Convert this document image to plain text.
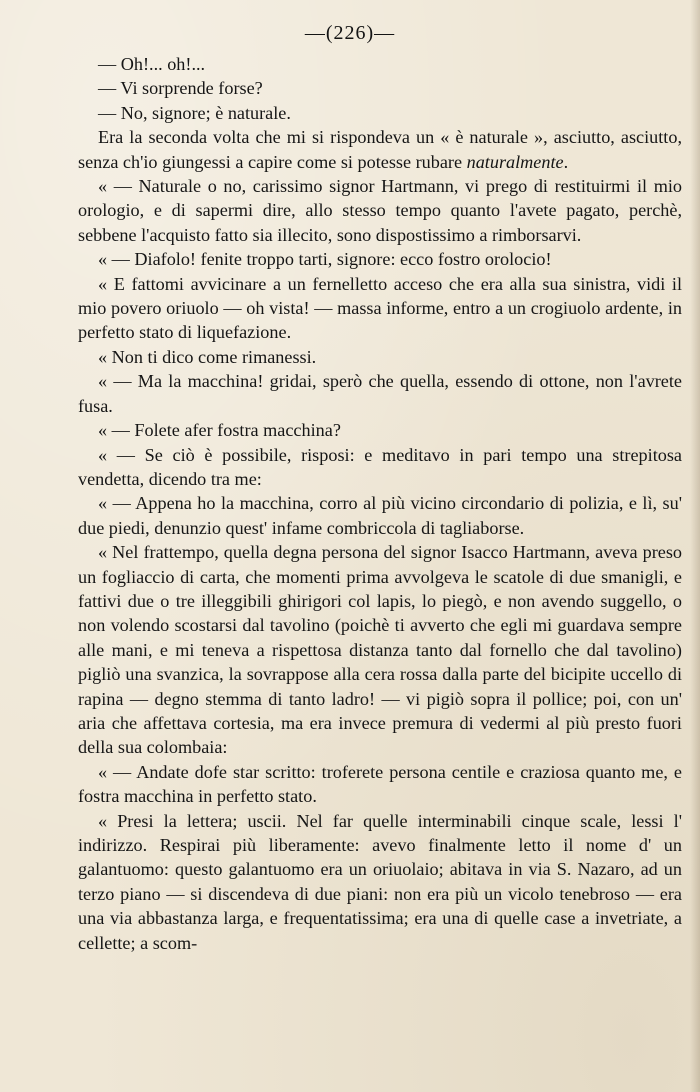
—(226)—

— Oh!... oh!...

— Vi sorprende forse?

— No, signore; è naturale.

Era la seconda volta che mi si rispondeva un « è naturale », asciutto, asciutto, senza ch'io giungessi a capire come si potesse rubare naturalmente.

« — Naturale o no, carissimo signor Hartmann, vi prego di restituirmi il mio orologio, e di sapermi dire, allo stesso tempo quanto l'avete pagato, perchè, sebbene l'acquisto fatto sia illecito, sono dispostissimo a rimborsarvi.

« — Diafolo! fenite troppo tarti, signore: ecco fostro orolocio!

« E fattomi avvicinare a un fernelletto acceso che era alla sua sinistra, vidi il mio povero oriuolo — oh vista! — massa informe, entro a un crogiuolo ardente, in perfetto stato di liquefazione.

« Non ti dico come rimanessi.

« — Ma la macchina! gridai, sperò che quella, essendo di ottone, non l'avrete fusa.

« — Folete afer fostra macchina?

« — Se ciò è possibile, risposi: e meditavo in pari tempo una strepitosa vendetta, dicendo tra me:

« — Appena ho la macchina, corro al più vicino circondario di polizia, e lì, su' due piedi, denunzio quest' infame combriccola di tagliaborse.

« Nel frattempo, quella degna persona del signor Isacco Hartmann, aveva preso un fogliaccio di carta, che momenti prima avvolgeva le scatole di due smanigli, e fattivi due o tre illeggibili ghirigori col lapis, lo piegò, e non avendo suggello, o non volendo scostarsi dal tavolino (poichè ti avverto che egli mi guardava sempre alle mani, e mi teneva a rispettosa distanza tanto dal fornello che dal tavolino) pigliò una svanzica, la sovrappose alla cera rossa dalla parte del bicipite uccello di rapina — degno stemma di tanto ladro! — vi pigiò sopra il pollice; poi, con un' aria che affettava cortesia, ma era invece premura di vedermi al più presto fuori della sua colombaia:

« — Andate dofe star scritto: troferete persona centile e craziosa quanto me, e fostra macchina in perfetto stato.

« Presi la lettera; uscii. Nel far quelle interminabili cinque scale, lessi l' indirizzo. Respirai più liberamente: avevo finalmente letto il nome d' un galantuomo: questo galantuomo era un oriuolaio; abitava in via S. Nazaro, ad un terzo piano — si discendeva di due piani: non era più un vicolo tenebroso — era una via abbastanza larga, e frequentatissima; era una di quelle case a invetriate, a cellette; a scom-
